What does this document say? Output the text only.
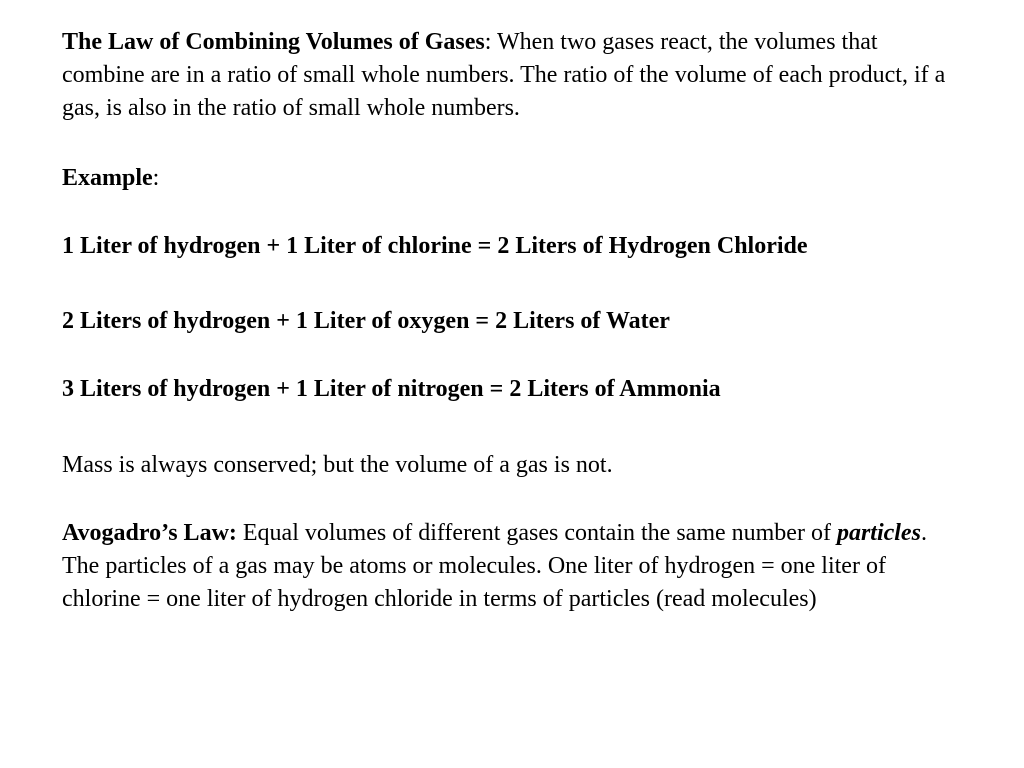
The Law of Combining Volumes of Gases: When two gases react, the volumes that combine are in a ratio of small whole numbers. The ratio of the volume of each product, if a gas, is also in the ratio of small whole numbers.

Example:

1 Liter of hydrogen + 1 Liter of chlorine = 2 Liters of Hydrogen Chloride

2 Liters of hydrogen + 1 Liter of oxygen = 2 Liters of Water

3 Liters of hydrogen + 1 Liter of nitrogen = 2 Liters of Ammonia

Mass is always conserved; but the volume of a gas is not.

Avogadro’s Law: Equal volumes of different gases contain the same number of particles. The particles of a gas may be atoms or molecules. One liter of hydrogen = one liter of chlorine = one liter of hydrogen chloride in terms of particles (read molecules)
